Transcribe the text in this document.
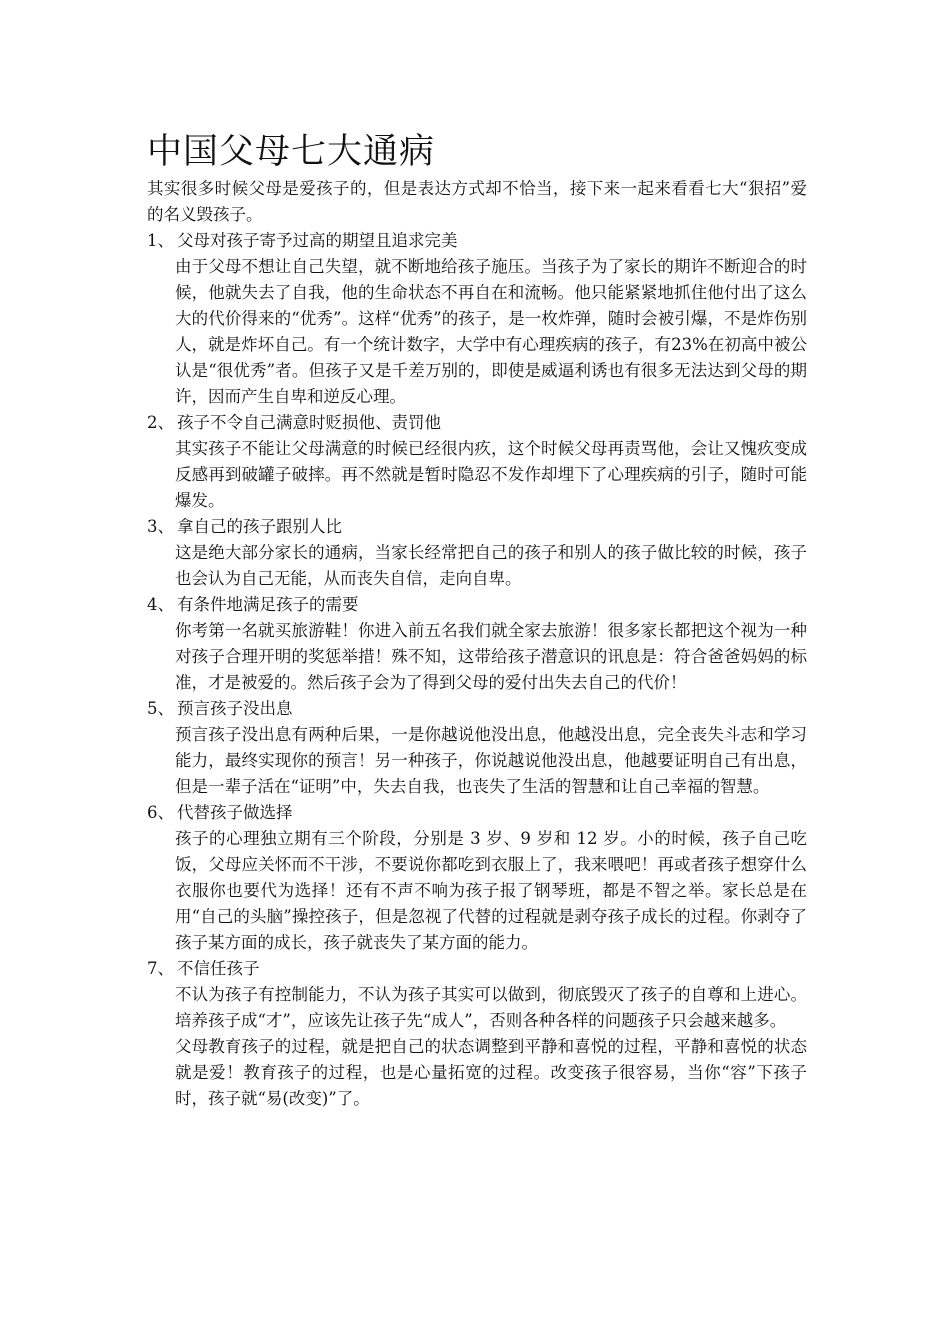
中国父母七大通病

其实很多时候父母是爱孩子的，但是表达方式却不恰当，接下来一起来看看七大“狠招”爱的名义毁孩子。

1、 父母对孩子寄予过高的期望且追求完美

由于父母不想让自己失望，就不断地给孩子施压。当孩子为了家长的期许不断迎合的时候，他就失去了自我，他的生命状态不再自在和流畅。他只能紧紧地抓住他付出了这么大的代价得来的“优秀”。这样“优秀”的孩子，是一枚炸弹，随时会被引爆，不是炸伤别人，就是炸坏自己。有一个统计数字，大学中有心理疾病的孩子，有23%在初高中被公认是“很优秀”者。但孩子又是千差万别的，即使是威逼利诱也有很多无法达到父母的期许，因而产生自卑和逆反心理。

2、 孩子不令自己满意时贬损他、责罚他

其实孩子不能让父母满意的时候已经很内疚，这个时候父母再责骂他，会让又愧疚变成反感再到破罐子破摔。再不然就是暂时隐忍不发作却埋下了心理疾病的引子，随时可能爆发。

3、 拿自己的孩子跟别人比

这是绝大部分家长的通病，当家长经常把自己的孩子和别人的孩子做比较的时候，孩子也会认为自己无能，从而丧失自信，走向自卑。

4、 有条件地满足孩子的需要

你考第一名就买旅游鞋！你进入前五名我们就全家去旅游！很多家长都把这个视为一种对孩子合理开明的奖惩举措！殊不知，这带给孩子潜意识的讯息是：符合爸爸妈妈的标准，才是被爱的。然后孩子会为了得到父母的爱付出失去自己的代价！

5、 预言孩子没出息

预言孩子没出息有两种后果，一是你越说他没出息，他越没出息，完全丧失斗志和学习能力，最终实现你的预言！另一种孩子，你说越说他没出息，他越要证明自己有出息，但是一辈子活在“证明”中，失去自我，也丧失了生活的智慧和让自己幸福的智慧。

6、 代替孩子做选择

孩子的心理独立期有三个阶段，分别是 3 岁、9 岁和 12 岁。小的时候，孩子自己吃饭，父母应关怀而不干涉，不要说你都吃到衣服上了，我来喂吧！再或者孩子想穿什么衣服你也要代为选择！还有不声不响为孩子报了钢琴班，都是不智之举。家长总是在用“自己的头脑”操控孩子，但是忽视了代替的过程就是剥夺孩子成长的过程。你剥夺了孩子某方面的成长，孩子就丧失了某方面的能力。

7、 不信任孩子

不认为孩子有控制能力，不认为孩子其实可以做到，彻底毁灭了孩子的自尊和上进心。培养孩子成“才”，应该先让孩子先“成人”，否则各种各样的问题孩子只会越来越多。

父母教育孩子的过程，就是把自己的状态调整到平静和喜悦的过程，平静和喜悦的状态就是爱！教育孩子的过程，也是心量拓宽的过程。改变孩子很容易，当你“容”下孩子时，孩子就“易(改变)”了。
